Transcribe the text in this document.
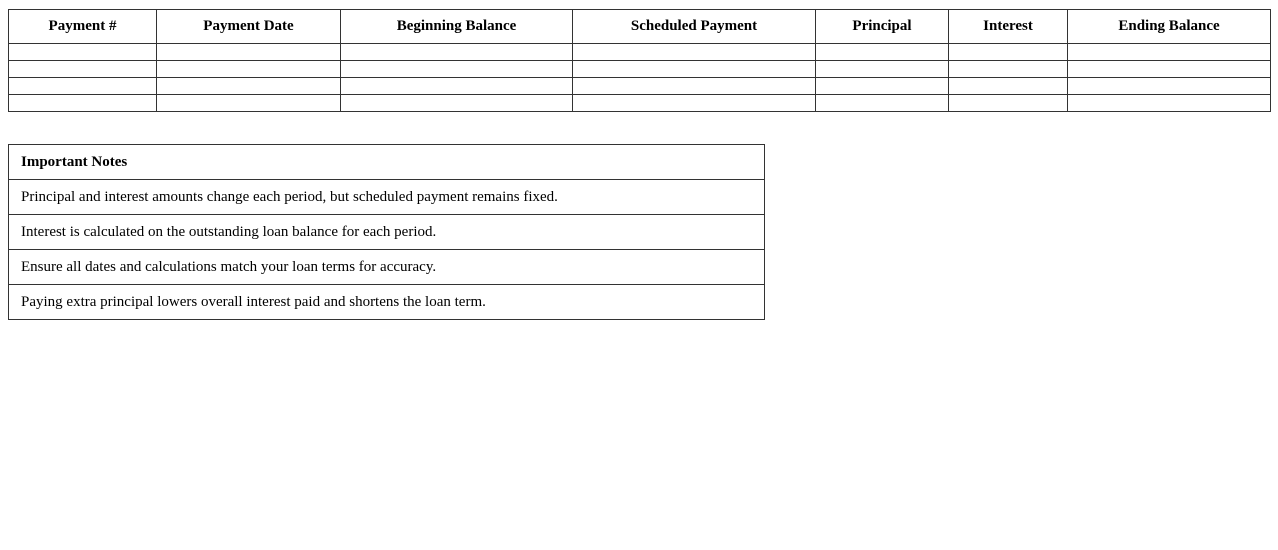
Payment #	Payment Date	Beginning Balance	Scheduled Payment	Principal	Interest	Ending Balance

Important Notes
Principal and interest amounts change each period, but scheduled payment remains fixed.
Interest is calculated on the outstanding loan balance for each period.
Ensure all dates and calculations match your loan terms for accuracy.
Paying extra principal lowers overall interest paid and shortens the loan term.
